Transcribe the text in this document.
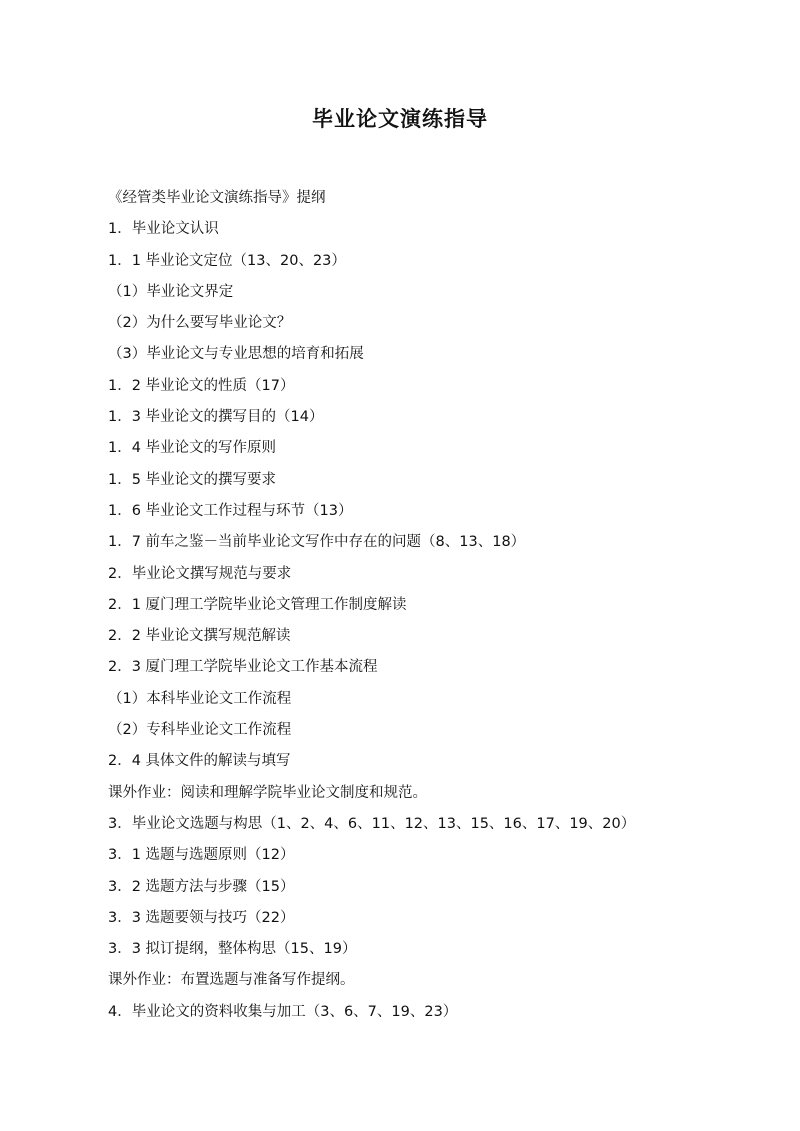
毕业论文演练指导
《经管类毕业论文演练指导》提纲
1．毕业论文认识
1．1 毕业论文定位（13、20、23）
（1）毕业论文界定
（2）为什么要写毕业论文？
（3）毕业论文与专业思想的培育和拓展
1．2 毕业论文的性质（17）
1．3 毕业论文的撰写目的（14）
1．4 毕业论文的写作原则
1．5 毕业论文的撰写要求
1．6 毕业论文工作过程与环节（13）
1．7 前车之鉴－当前毕业论文写作中存在的问题（8、13、18）
2．毕业论文撰写规范与要求
2．1 厦门理工学院毕业论文管理工作制度解读
2．2 毕业论文撰写规范解读
2．3 厦门理工学院毕业论文工作基本流程
（1）本科毕业论文工作流程
（2）专科毕业论文工作流程
2．4 具体文件的解读与填写
课外作业：阅读和理解学院毕业论文制度和规范。
3．毕业论文选题与构思（1、2、4、6、11、12、13、15、16、17、19、20）
3．1 选题与选题原则（12）
3．2 选题方法与步骤（15）
3．3 选题要领与技巧（22）
3．3 拟订提纲，整体构思（15、19）
课外作业：布置选题与准备写作提纲。
4．毕业论文的资料收集与加工（3、6、7、19、23）
